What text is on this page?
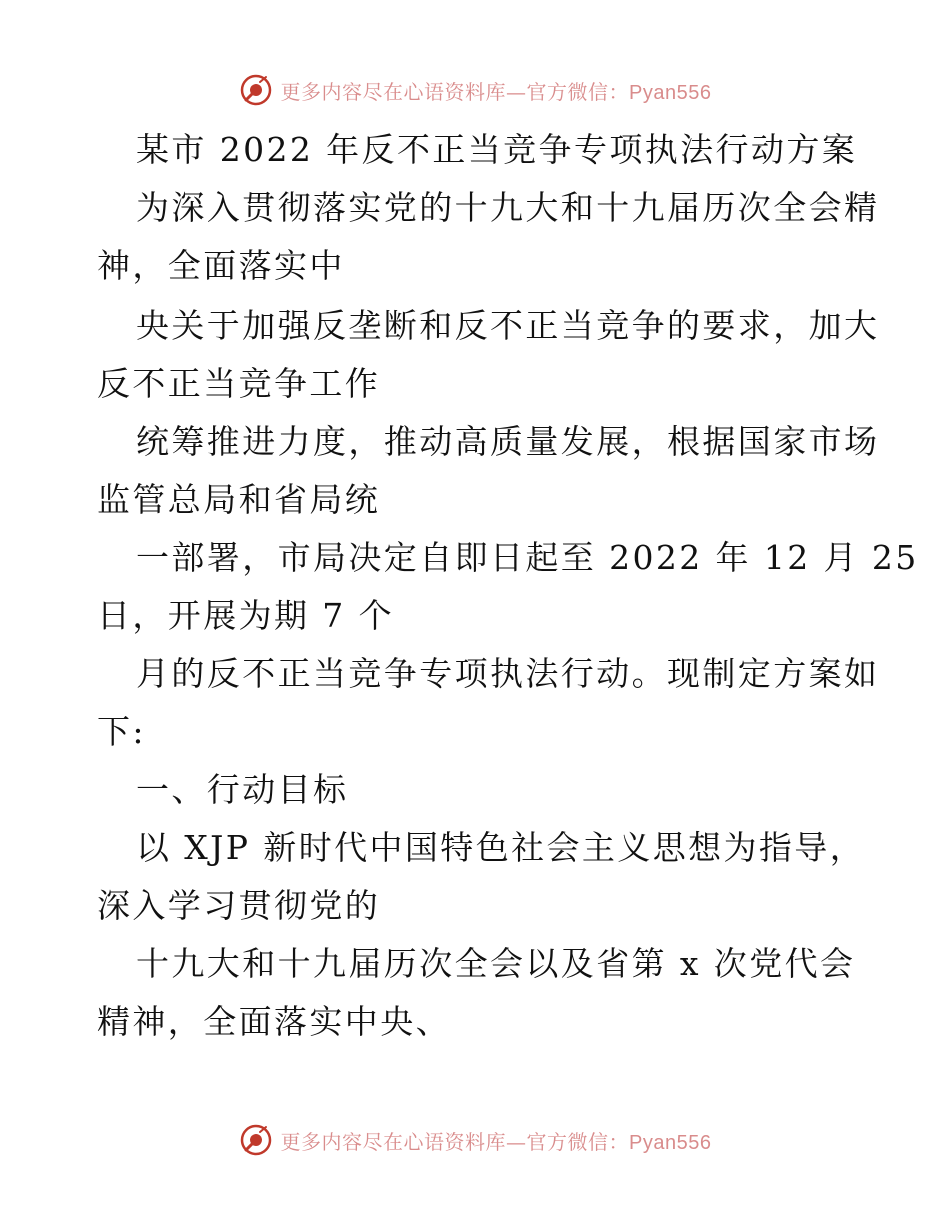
更多内容尽在心语资料库—官方微信：Pyan556
某市 2022 年反不正当竞争专项执法行动方案
为深入贯彻落实党的十九大和十九届历次全会精
神，全面落实中
央关于加强反垄断和反不正当竞争的要求，加大
反不正当竞争工作
统筹推进力度，推动高质量发展，根据国家市场
监管总局和省局统
一部署，市局决定自即日起至 2022 年 12 月 25
日，开展为期 7 个
月的反不正当竞争专项执法行动。现制定方案如
下:
一、行动目标
以 XJP 新时代中国特色社会主义思想为指导，
深入学习贯彻党的
十九大和十九届历次全会以及省第 x 次党代会
精神，全面落实中央、
更多内容尽在心语资料库—官方微信：Pyan556
